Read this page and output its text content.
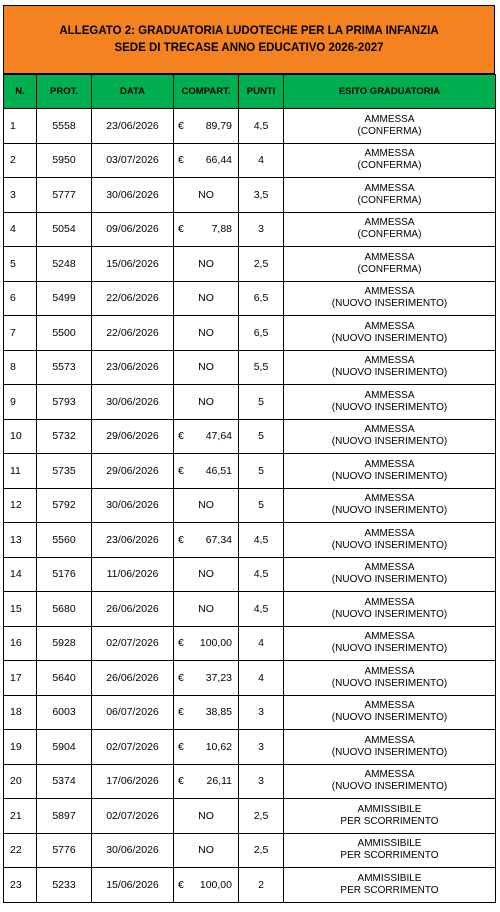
ALLEGATO 2: GRADUATORIA LUDOTECHE PER LA PRIMA INFANZIA
SEDE DI TRECASE ANNO EDUCATIVO 2026-2027
N.	PROT.	DATA	COMPART.	PUNTI	ESITO GRADUATORIA
1	5558	23/06/2026	€ 89,79	4,5	AMMESSA
(CONFERMA)

2	5950	03/07/2026	€ 66,44	4	AMMESSA
(CONFERMA)

3	5777	30/06/2026	NO	3,5	AMMESSA
(CONFERMA)

4	5054	09/06/2026	€ 7,88	3	AMMESSA
(CONFERMA)

5	5248	15/06/2026	NO	2,5	AMMESSA
(CONFERMA)

6	5499	22/06/2026	NO	6,5	AMMESSA
(NUOVO INSERIMENTO)

7	5500	22/06/2026	NO	6,5	AMMESSA
(NUOVO INSERIMENTO)

8	5573	23/06/2026	NO	5,5	AMMESSA
(NUOVO INSERIMENTO)

9	5793	30/06/2026	NO	5	AMMESSA
(NUOVO INSERIMENTO)

10	5732	29/06/2026	€ 47,64	5	AMMESSA
(NUOVO INSERIMENTO)

11	5735	29/06/2026	€ 46,51	5	AMMESSA
(NUOVO INSERIMENTO)

12	5792	30/06/2026	NO	5	AMMESSA
(NUOVO INSERIMENTO)

13	5560	23/06/2026	€ 67,34	4,5	AMMESSA
(NUOVO INSERIMENTO)

14	5176	11/06/2026	NO	4,5	AMMESSA
(NUOVO INSERIMENTO)

15	5680	26/06/2026	NO	4,5	AMMESSA
(NUOVO INSERIMENTO)

16	5928	02/07/2026	€ 100,00	4	AMMESSA
(NUOVO INSERIMENTO)

17	5640	26/06/2026	€ 37,23	4	AMMESSA
(NUOVO INSERIMENTO)

18	6003	06/07/2026	€ 38,85	3	AMMESSA
(NUOVO INSERIMENTO)

19	5904	02/07/2026	€ 10,62	3	AMMESSA
(NUOVO INSERIMENTO)

20	5374	17/06/2026	€ 26,11	3	AMMESSA
(NUOVO INSERIMENTO)

21	5897	02/07/2026	NO	2,5	AMMISSIBILE
PER SCORRIMENTO

22	5776	30/06/2026	NO	2,5	AMMISSIBILE
PER SCORRIMENTO

23	5233	15/06/2026	€ 100,00	2	AMMISSIBILE
PER SCORRIMENTO
